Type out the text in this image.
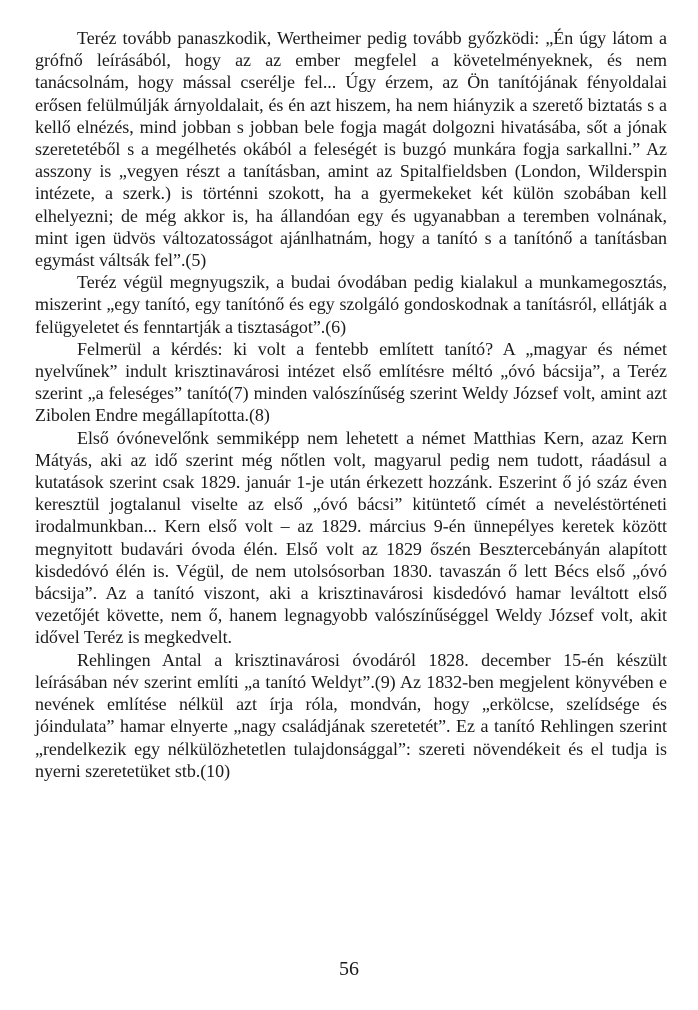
Teréz tovább panaszkodik, Wertheimer pedig tovább győzködi: „Én úgy látom a grófnő leírásából, hogy az az ember megfelel a követelményeknek, és nem tanácsolnám, hogy mással cserélje fel... Úgy érzem, az Ön tanítójának fényoldalai erősen felülmúlják árnyoldalait, és én azt hiszem, ha nem hiányzik a szerető biztatás s a kellő elnézés, mind jobban s jobban bele fogja magát dolgozni hivatásába, sőt a jónak szeretetéből s a megélhetés okából a feleségét is buzgó munkára fogja sarkallni.” Az asszony is „vegyen részt a tanításban, amint az Spitalfieldsben (London, Wilderspin intézete, a szerk.) is történni szokott, ha a gyermekeket két külön szobában kell elhelyezni; de még akkor is, ha állandóan egy és ugyanabban a teremben volnának, mint igen üdvös változatosságot ajánlhatnám, hogy a tanító s a tanítónő a tanításban egymást váltsák fel”.(5)

Teréz végül megnyugszik, a budai óvodában pedig kialakul a munkamegosztás, miszerint „egy tanító, egy tanítónő és egy szolgáló gondoskodnak a tanításról, ellátják a felügyeletet és fenntartják a tisztaságot”.(6)

Felmerül a kérdés: ki volt a fentebb említett tanító? A „magyar és német nyelvűnek” indult krisztinavárosi intézet első említésre méltó „óvó bácsija”, a Teréz szerint „a feleséges” tanító(7) minden valószínűség szerint Weldy József volt, amint azt Zibolen Endre megállapította.(8)

Első óvónevelőnk semmiképp nem lehetett a német Matthias Kern, azaz Kern Mátyás, aki az idő szerint még nőtlen volt, magyarul pedig nem tudott, ráadásul a kutatások szerint csak 1829. január 1-je után érkezett hozzánk. Eszerint ő jó száz éven keresztül jogtalanul viselte az első „óvó bácsi” kitüntető címét a neveléstörténeti irodalmunkban... Kern első volt – az 1829. március 9-én ünnepélyes keretek között megnyitott budavári óvoda élén. Első volt az 1829 őszén Besztercebányán alapított kisdedóvó élén is. Végül, de nem utolsósorban 1830. tavaszán ő lett Bécs első „óvó bácsija”. Az a tanító viszont, aki a krisztinavárosi kisdedóvó hamar leváltott első vezetőjét követte, nem ő, hanem legnagyobb valószínűséggel Weldy József volt, akit idővel Teréz is megkedvelt.

Rehlingen Antal a krisztinavárosi óvodáról 1828. december 15-én készült leírásában név szerint említi „a tanító Weldyt”.(9) Az 1832-ben megjelent könyvében e nevének említése nélkül azt írja róla, mondván, hogy „erkölcse, szelídsége és jóindulata” hamar elnyerte „nagy családjának szeretetét”. Ez a tanító Rehlingen szerint „rendelkezik egy nélkülözhetetlen tulajdonsággal”: szereti növendékeit és el tudja is nyerni szeretetüket stb.(10)

56
